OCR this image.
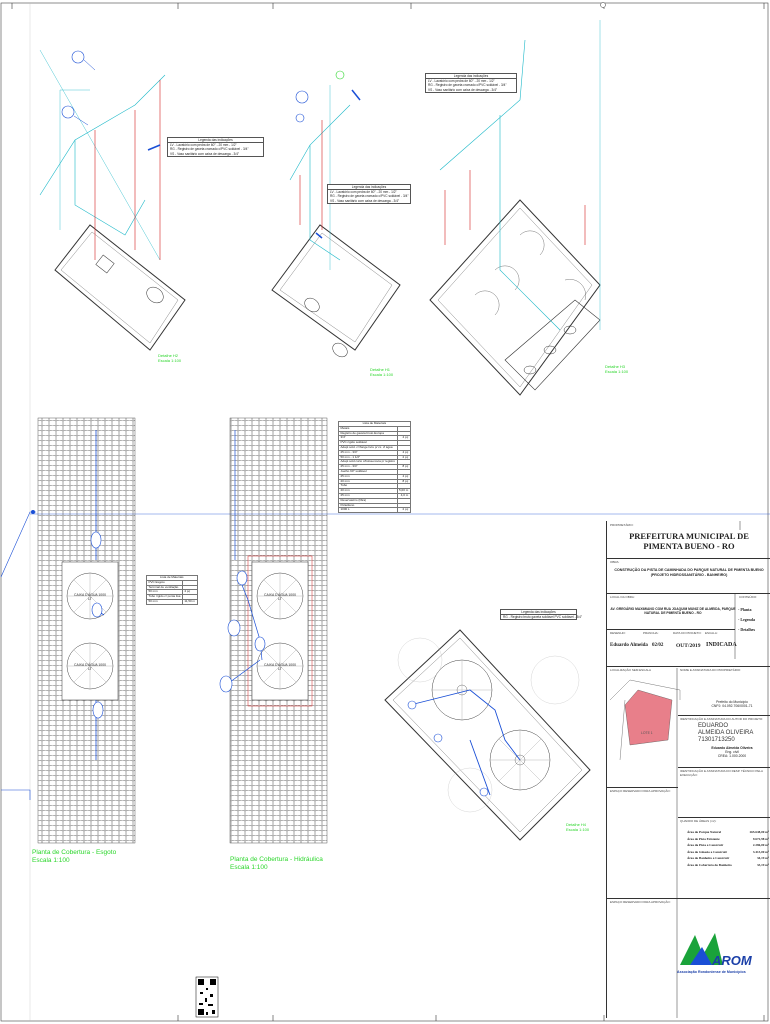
Legenda das indicações
LV - Lavatório com pedra de 60° - 20 mm - 1/2"
RG - Registro de gaveta cromado c/PVC soldável - 3/4"
VS - Vaso sanitário com caixa de descarga - 3/4"
Legenda das indicações
LV - Lavatório com pedra de 60° - 20 mm - 1/2"
RG - Registro de gaveta cromado c/PVC soldável - 3/4"
VS - Vaso sanitário com caixa de descarga - 3/4"
Legenda das indicações
LV - Lavatório com pedra de 60° - 20 mm - 1/2"
RG - Registro de gaveta cromado c/PVC soldável - 3/4"
VS - Vaso sanitário com caixa de descarga - 3/4"
Legenda das indicações
RG - Registro bruto gaveta soldável PVC soldável - 3/4"
Lista de Materiais	
PVC Esgoto	
Terminal de ventilação	
50 mm	4 pç
Tubo rígido c/ ponta lisa	
50 mm	11,50 m
Lista de Materiais	
Metais	
Registro de gaveta bruto Europa	
3/4"	4 pç
PVC rígido soldável	
Adapt sold. c/ flange livre p/ cx. d' água	
25 mm - 3/4"	4 pç
50 mm - 1 1/2"	2 pç
Adapt sold curto c/bolsa-rosca p/ registro	
25 mm - 3/4"	8 pç
Joelho 90° soldável	
25 mm	4 pç
20 mm	8 pç
Tubo	
20 mm	5,00 m
25 mm	4,0 m
Reservatório (fibra)	
Polietileno	
1000 L	2 pç
CAIXA D'ÁGUA 1000 LT
CAIXA D'ÁGUA 1000 LT
CAIXA D'ÁGUA 1000 LT
CAIXA D'ÁGUA 1000 LT
Detalhe H2
Escala 1:100
Detalhe H1
Escala 1:100
Detalhe H3
Escala 1:100
Detalhe H4
Escala 1:100
Planta de Cobertura - Esgoto
Escala 1:100	Planta de Cobertura - Hidráulica
Escala 1:100
PROPRIETÁRIO:
PREFEITURA MUNICIPAL DE
PIMENTA BUENO - RO
OBRA:
CONSTRUÇÃO DA PISTA DE CAMINHADA DO PARQUE NATURAL DE PIMENTA BUENO
(PROJETO HIDROSSANITÁRIO - BANHEIRO)
LOCAL DA OBRA:	CONTEÚDO:
AV. GREGÁRIO MAXIMIANO COM RUA JOAQUIM MUNIZ DE ALMEIDA, PARQUE
NATURAL DE PIMENTA BUENO - RO
- Planta
- Legenda
- Detalhes
DESENHO:	PRANCHA:	DATA DO PROJETO: ESCALA:
Eduardo Almeida 02/02 OUT/2019 INDICADA
LOCALIZAÇÃO SEM ESCALA	NOME E ASSINATURA DO PROPRIETÁRIO:
LOTE 1
Prefeito do Município
CNPJ: 04.092.706/0001-71
IDENTIFICAÇÃO E ASSINATURA DO AUTOR DO PROJETO:
EDUARDO
ALMEIDA OLIVEIRA
71301713250
Eduardo Almeida Oliveira
Eng. civil
CREA: 1.000.2000
IDENTIFICAÇÃO E ASSINATURA DO RESP. TÉCNICO PELA EXECUÇÃO:
ESPAÇO RESERVADO PARA APROVAÇÃO:
QUADRO DE ÁREAS (m²):
Área do Parque Natural	265.648,00 m²
Área de Pista Existente	9.672,98 m²
Área da Pista a Construir	2.286,00 m²
Área do Ginasio a Construir	3.413,00 m²
Área do Banheiro a Construir	34,19 m²
Área de Cobertura do Banheiro	33,19 m²
ESPAÇO RESERVADO PARA APROVAÇÃO:
AROM
Associação Rondoniense de Municípios
